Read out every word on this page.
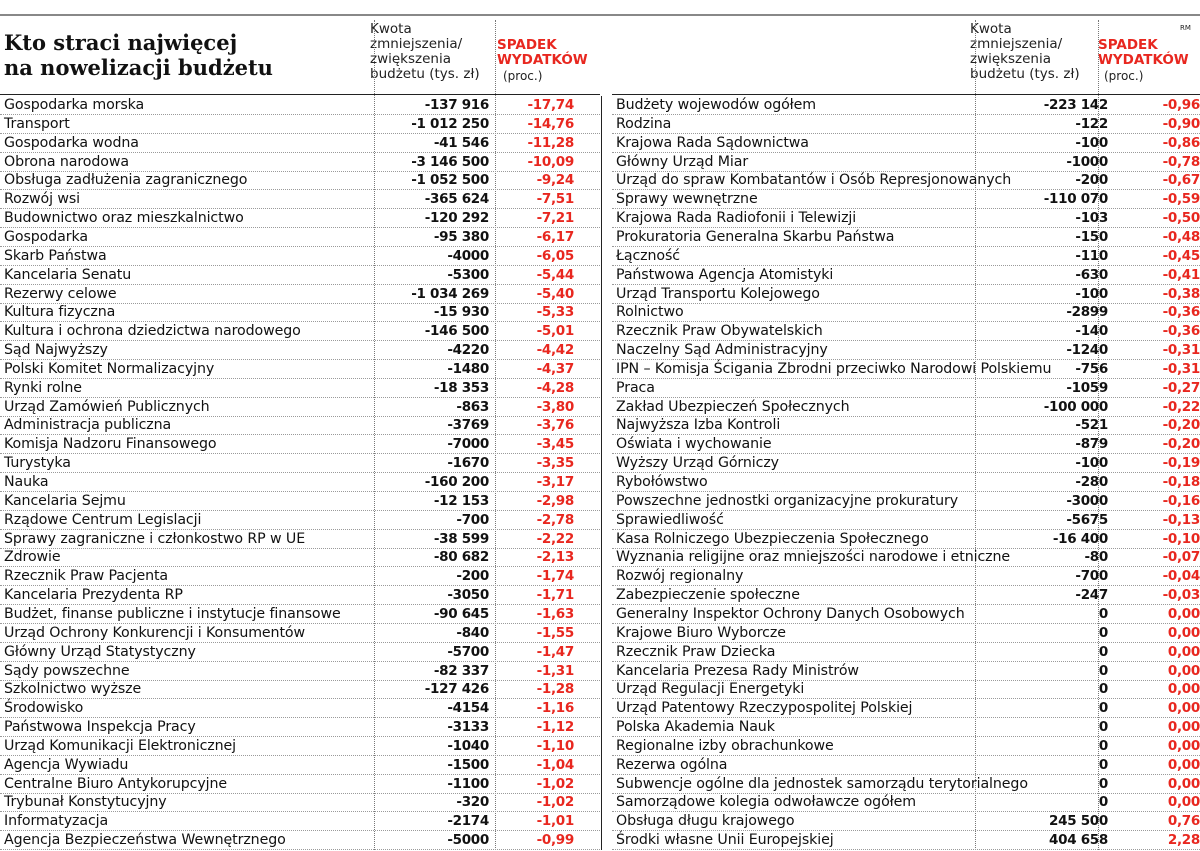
Kto straci najwięcej
na nowelizacji budżetu
Kwota
zmniejszenia/
zwiększenia
budżetu (tys. zł)
SPADEK
WYDATKÓW
(proc.)
Kwota
zmniejszenia/
zwiększenia
budżetu (tys. zł)
SPADEK
WYDATKÓW
(proc.)
RM
Gospodarka morska	-137 916	-17,74
Transport	-1 012 250	-14,76
Gospodarka wodna	-41 546	-11,28
Obrona narodowa	-3 146 500	-10,09
Obsługa zadłużenia zagranicznego	-1 052 500	-9,24
Rozwój wsi	-365 624	-7,51
Budownictwo oraz mieszkalnictwo	-120 292	-7,21
Gospodarka	-95 380	-6,17
Skarb Państwa	-4000	-6,05
Kancelaria Senatu	-5300	-5,44
Rezerwy celowe	-1 034 269	-5,40
Kultura fizyczna	-15 930	-5,33
Kultura i ochrona dziedzictwa narodowego	-146 500	-5,01
Sąd Najwyższy	-4220	-4,42
Polski Komitet Normalizacyjny	-1480	-4,37
Rynki rolne	-18 353	-4,28
Urząd Zamówień Publicznych	-863	-3,80
Administracja publiczna	-3769	-3,76
Komisja Nadzoru Finansowego	-7000	-3,45
Turystyka	-1670	-3,35
Nauka	-160 200	-3,17
Kancelaria Sejmu	-12 153	-2,98
Rządowe Centrum Legislacji	-700	-2,78
Sprawy zagraniczne i członkostwo RP w UE	-38 599	-2,22
Zdrowie	-80 682	-2,13
Rzecznik Praw Pacjenta	-200	-1,74
Kancelaria Prezydenta RP	-3050	-1,71
Budżet, finanse publiczne i instytucje finansowe	-90 645	-1,63
Urząd Ochrony Konkurencji i Konsumentów	-840	-1,55
Główny Urząd Statystyczny	-5700	-1,47
Sądy powszechne	-82 337	-1,31
Szkolnictwo wyższe	-127 426	-1,28
Środowisko	-4154	-1,16
Państwowa Inspekcja Pracy	-3133	-1,12
Urząd Komunikacji Elektronicznej	-1040	-1,10
Agencja Wywiadu	-1500	-1,04
Centralne Biuro Antykorupcyjne	-1100	-1,02
Trybunał Konstytucyjny	-320	-1,02
Informatyzacja	-2174	-1,01
Agencja Bezpieczeństwa Wewnętrznego	-5000	-0,99
Budżety wojewodów ogółem	-223 142	-0,96
Rodzina	-122	-0,90
Krajowa Rada Sądownictwa	-100	-0,86
Główny Urząd Miar	-1000	-0,78
Urząd do spraw Kombatantów i Osób Represjonowanych	-200	-0,67
Sprawy wewnętrzne	-110 070	-0,59
Krajowa Rada Radiofonii i Telewizji	-103	-0,50
Prokuratoria Generalna Skarbu Państwa	-150	-0,48
Łączność	-110	-0,45
Państwowa Agencja Atomistyki	-630	-0,41
Urząd Transportu Kolejowego	-100	-0,38
Rolnictwo	-2899	-0,36
Rzecznik Praw Obywatelskich	-140	-0,36
Naczelny Sąd Administracyjny	-1240	-0,31
IPN – Komisja Ścigania Zbrodni przeciwko Narodowi Polskiemu	-756	-0,31
Praca	-1059	-0,27
Zakład Ubezpieczeń Społecznych	-100 000	-0,22
Najwyższa Izba Kontroli	-521	-0,20
Oświata i wychowanie	-879	-0,20
Wyższy Urząd Górniczy	-100	-0,19
Rybołówstwo	-280	-0,18
Powszechne jednostki organizacyjne prokuratury	-3000	-0,16
Sprawiedliwość	-5675	-0,13
Kasa Rolniczego Ubezpieczenia Społecznego	-16 400	-0,10
Wyznania religijne oraz mniejszości narodowe i etniczne	-80	-0,07
Rozwój regionalny	-700	-0,04
Zabezpieczenie społeczne	-247	-0,03
Generalny Inspektor Ochrony Danych Osobowych	0	0,00
Krajowe Biuro Wyborcze	0	0,00
Rzecznik Praw Dziecka	0	0,00
Kancelaria Prezesa Rady Ministrów	0	0,00
Urząd Regulacji Energetyki	0	0,00
Urząd Patentowy Rzeczypospolitej Polskiej	0	0,00
Polska Akademia Nauk	0	0,00
Regionalne izby obrachunkowe	0	0,00
Rezerwa ogólna	0	0,00
Subwencje ogólne dla jednostek samorządu terytorialnego	0	0,00
Samorządowe kolegia odwoławcze ogółem	0	0,00
Obsługa długu krajowego	245 500	0,76
Środki własne Unii Europejskiej	404 658	2,28
